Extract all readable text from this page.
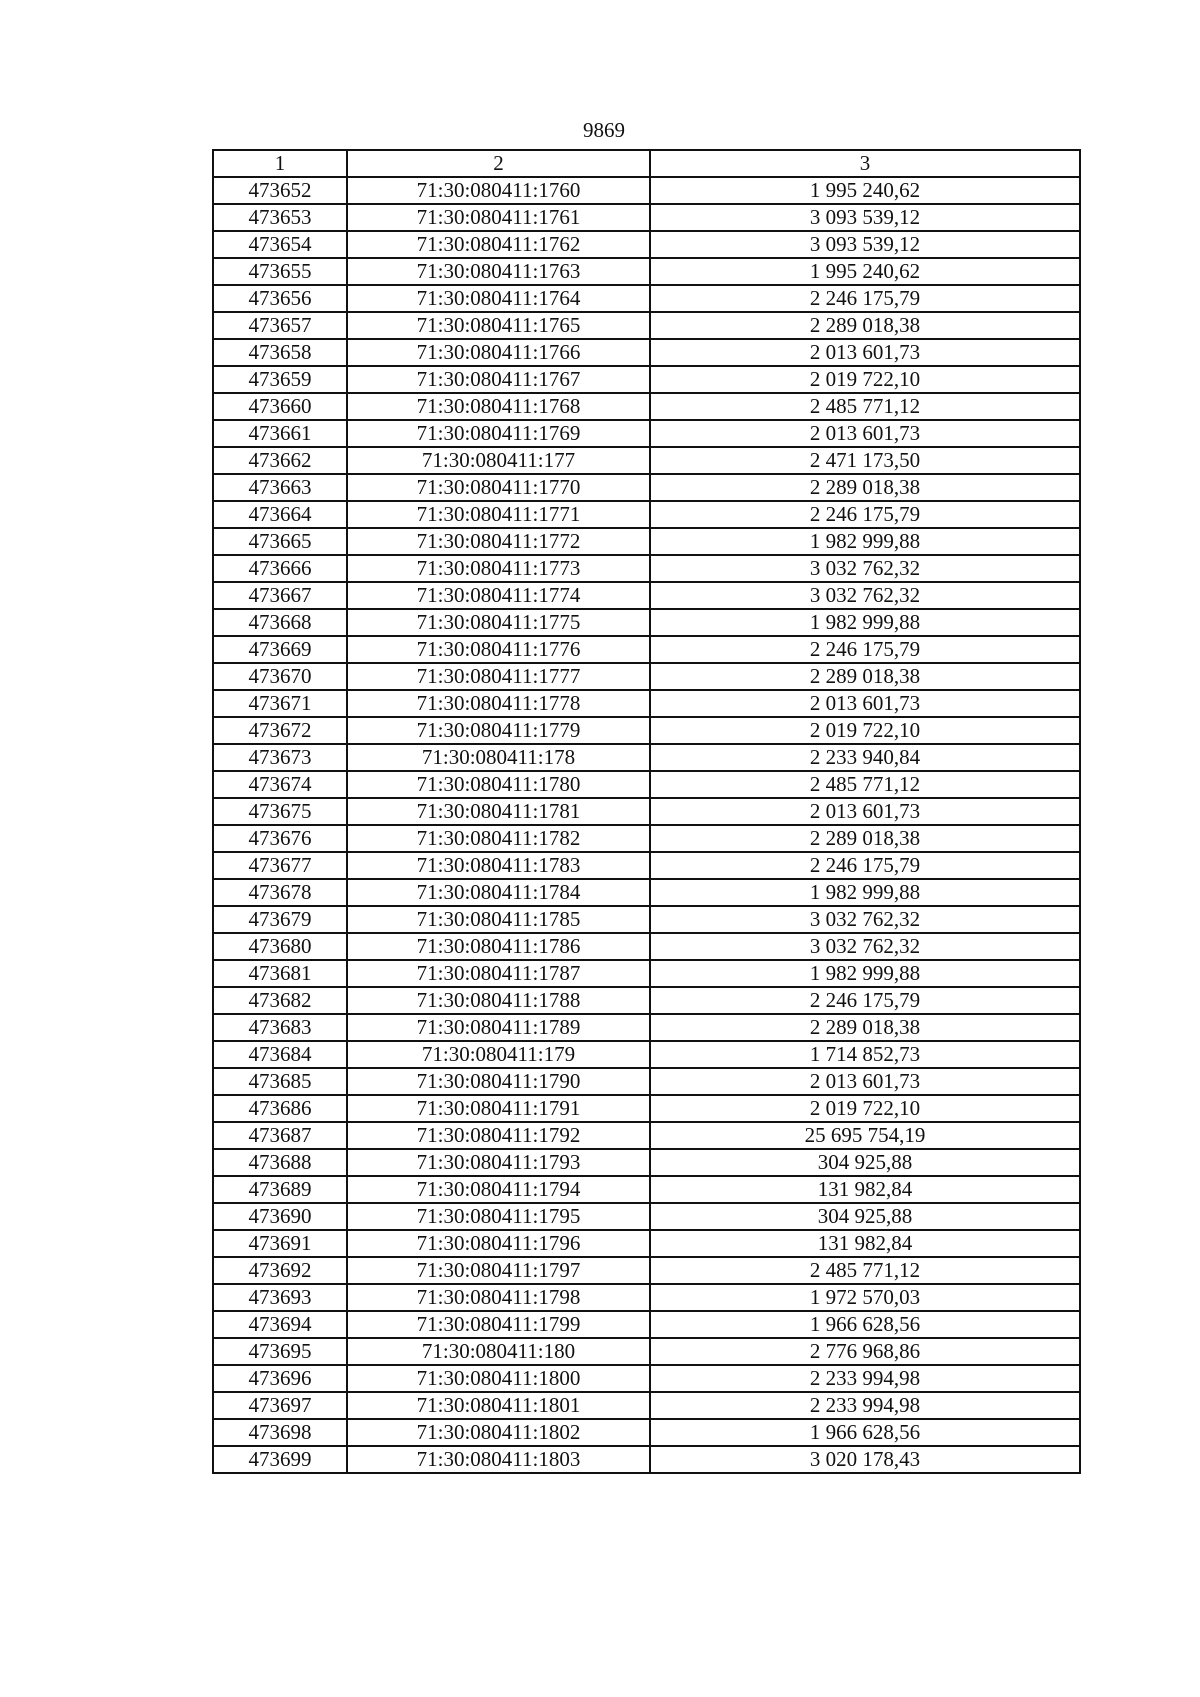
9869
1	2	3
473652	71:30:080411:1760	1 995 240,62
473653	71:30:080411:1761	3 093 539,12
473654	71:30:080411:1762	3 093 539,12
473655	71:30:080411:1763	1 995 240,62
473656	71:30:080411:1764	2 246 175,79
473657	71:30:080411:1765	2 289 018,38
473658	71:30:080411:1766	2 013 601,73
473659	71:30:080411:1767	2 019 722,10
473660	71:30:080411:1768	2 485 771,12
473661	71:30:080411:1769	2 013 601,73
473662	71:30:080411:177	2 471 173,50
473663	71:30:080411:1770	2 289 018,38
473664	71:30:080411:1771	2 246 175,79
473665	71:30:080411:1772	1 982 999,88
473666	71:30:080411:1773	3 032 762,32
473667	71:30:080411:1774	3 032 762,32
473668	71:30:080411:1775	1 982 999,88
473669	71:30:080411:1776	2 246 175,79
473670	71:30:080411:1777	2 289 018,38
473671	71:30:080411:1778	2 013 601,73
473672	71:30:080411:1779	2 019 722,10
473673	71:30:080411:178	2 233 940,84
473674	71:30:080411:1780	2 485 771,12
473675	71:30:080411:1781	2 013 601,73
473676	71:30:080411:1782	2 289 018,38
473677	71:30:080411:1783	2 246 175,79
473678	71:30:080411:1784	1 982 999,88
473679	71:30:080411:1785	3 032 762,32
473680	71:30:080411:1786	3 032 762,32
473681	71:30:080411:1787	1 982 999,88
473682	71:30:080411:1788	2 246 175,79
473683	71:30:080411:1789	2 289 018,38
473684	71:30:080411:179	1 714 852,73
473685	71:30:080411:1790	2 013 601,73
473686	71:30:080411:1791	2 019 722,10
473687	71:30:080411:1792	25 695 754,19
473688	71:30:080411:1793	304 925,88
473689	71:30:080411:1794	131 982,84
473690	71:30:080411:1795	304 925,88
473691	71:30:080411:1796	131 982,84
473692	71:30:080411:1797	2 485 771,12
473693	71:30:080411:1798	1 972 570,03
473694	71:30:080411:1799	1 966 628,56
473695	71:30:080411:180	2 776 968,86
473696	71:30:080411:1800	2 233 994,98
473697	71:30:080411:1801	2 233 994,98
473698	71:30:080411:1802	1 966 628,56
473699	71:30:080411:1803	3 020 178,43
